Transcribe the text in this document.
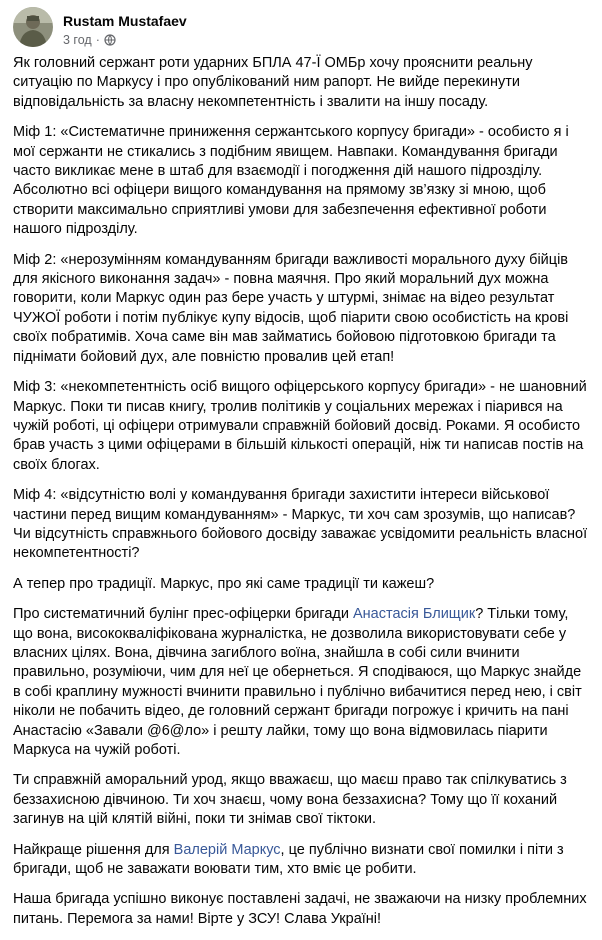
Rustam Mustafaev
3 год ·

Як головний сержант роти ударних БПЛА 47-Ї ОМБр хочу прояснити реальну ситуацію по Маркусу і про опублікований ним рапорт. Не вийде перекинути відповідальність за власну некомпетентність і звалити на іншу посаду.

Міф 1: «Систематичне приниження сержантського корпусу бригади» - особисто я і мої сержанти не стикались з подібним явищем. Навпаки. Командування бригади часто викликає мене в штаб для взаємодії і погодження дій нашого підрозділу. Абсолютно всі офіцери вищого командування на прямому зв’язку зі мною, щоб створити максимально сприятливі умови для забезпечення ефективної роботи нашого підрозділу.

Міф 2: «нерозумінням командуванням бригади важливості морального духу бійців для якісного виконання задач» - повна маячня. Про який моральний дух можна говорити, коли Маркус один раз бере участь у штурмі, знімає на відео результат ЧУЖОЇ роботи і потім публікує купу відосів, щоб піарити свою особистість на крові своїх побратимів. Хоча саме він мав займатись бойовою підготовкою бригади та піднімати бойовий дух, але повністю провалив цей етап!

Міф 3: «некомпетентність осіб вищого офіцерського корпусу бригади» - не шановний Маркус. Поки ти писав книгу, тролив політиків у соціальних мережах і піарився на чужій роботі, ці офіцери отримували справжній бойовий досвід. Роками. Я особисто брав участь з цими офіцерами в більшій кількості операцій, ніж ти написав постів на своїх блогах.

Міф 4: «відсутністю волі у командування бригади захистити інтереси військової частини перед вищим командуванням» - Маркус, ти хоч сам зрозумів, що написав? Чи відсутність справжнього бойового досвіду заважає усвідомити реальність власної некомпетентності?

А тепер про традиції. Маркус, про які саме традиції ти кажеш?

Про систематичний булінг прес-офіцерки бригади Анастасія Блищик? Тільки тому, що вона, висококваліфікована журналістка, не дозволила використовувати себе у власних цілях. Вона, дівчина загиблого воїна, знайшла в собі сили вчинити правильно, розуміючи, чим для неї це обернеться. Я сподіваюся, що Маркус знайде в собі краплину мужності вчинити правильно і публічно вибачитися перед нею, і світ ніколи не побачить відео, де головний сержант бригади погрожує і кричить на пані Анастасію «Завали @6@ло» і решту лайки, тому що вона відмовилась піарити Маркуса на чужій роботі.

Ти справжній аморальний урод, якщо вважаєш, що маєш право так спілкуватись з беззахисною дівчиною. Ти хоч знаєш, чому вона беззахисна? Тому що її коханий загинув на цій клятій війні, поки ти знімав свої тіктоки.

Найкраще рішення для Валерій Маркус, це публічно визнати свої помилки і піти з бригади, щоб не заважати воювати тим, хто вміє це робити.

Наша бригада успішно виконує поставлені задачі, не зважаючи на низку проблемних питань. Перемога за нами! Вірте у ЗСУ! Слава Україні!
